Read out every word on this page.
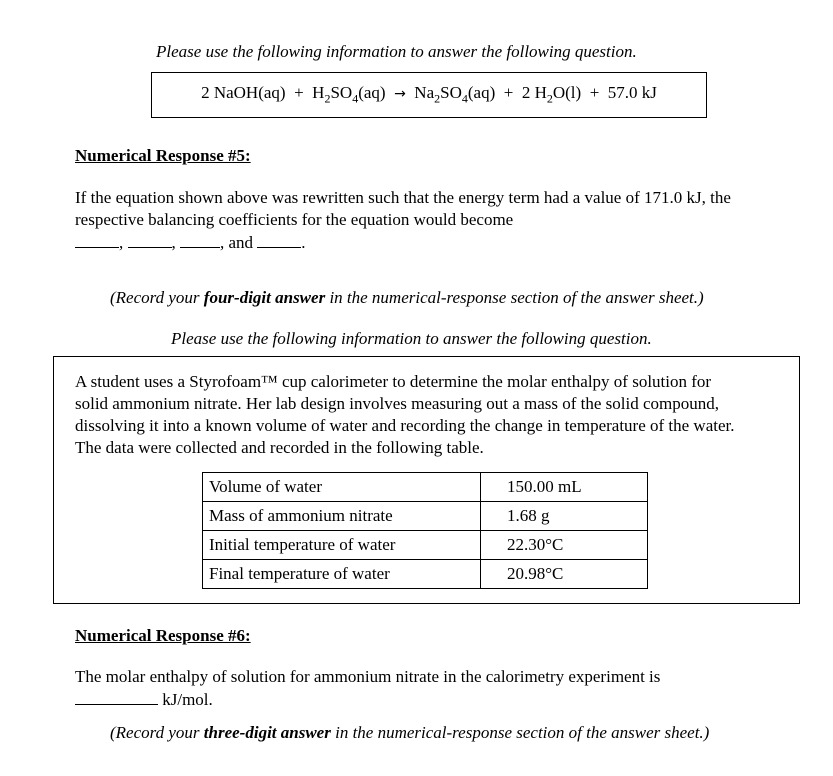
Please use the following information to answer the following question.
2 NaOH(aq) + $H_2SO_4(aq) \to Na_2SO_4(aq) + 2$ $H_2O(l) + 57.0$ kJ
Numerical Response #5:
If the equation shown above was rewritten such that the energy term had a value of 171.0 kJ, the
respective balancing coefficients for the equation would become
,	,	, and	.
(Record your four-digit answer in the numerical-response section of the answer sheet.)
Please use the following information to answer the following question.
A student uses a Styrofoam™ cup calorimeter to determine the molar enthalpy of solution for
solid ammonium nitrate. Her lab design involves measuring out a mass of the solid compound,
dissolving it into a known volume of water and recording the change in temperature of the water.
The data were collected and recorded in the following table.
Volume of water	150.00 mL
Mass of ammonium nitrate	1.68 g
Initial temperature of water	22.30°C
Final temperature of water	20.98°C
Numerical Response #6:
The molar enthalpy of solution for ammonium nitrate in the calorimetry experiment is
kJ/mol.
(Record your three-digit answer in the numerical-response section of the answer sheet.)
